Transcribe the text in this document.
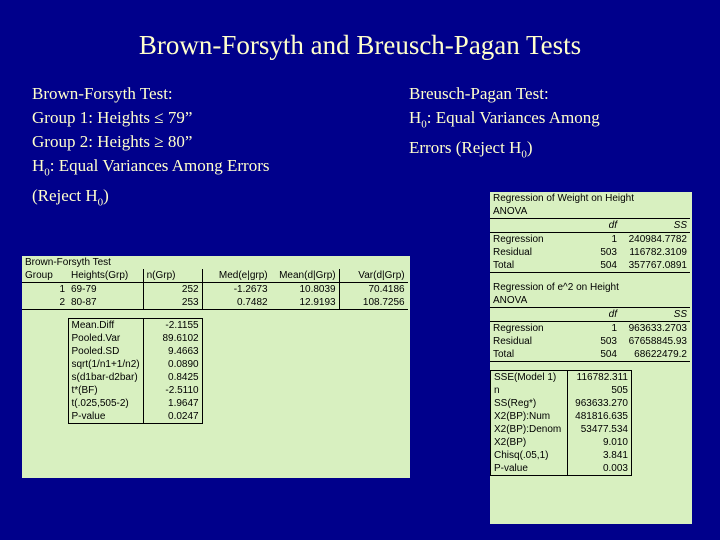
Brown-Forsyth and Breusch-Pagan Tests
Brown-Forsyth Test:
Group 1: Heights ≤ 79”
Group 2: Heights ≥ 80”
$H_0$: Equal Variances Among Errors
(Reject $H_0$)
Breusch-Pagan Test:
$H_0$: Equal Variances Among
Errors (Reject $H_0$)
Brown-Forsyth Test					
Group	Heights(Grp)	n(Grp)	Med(e|grp)	Mean(d|Grp)	Var(d|Grp)
1	69-79	252	-1.2673	10.8039	70.4186
2	80-87	253	0.7482	12.9193	108.7256

	Mean.Diff	-2.1155			
	Pooled.Var	89.6102			
	Pooled.SD	9.4663			
	sqrt(1/n1+1/n2)	0.0890			
	s(d1bar-d2bar)	0.8425			
	t*(BF)	-2.5110			
	t(.025,505-2)	1.9647			
	P-value	0.0247			
Regression of Weight on Height		
ANOVA		
	df	SS
Regression	1	240984.7782
Residual	503	116782.3109
Total	504	357767.0891

Regression of e^2 on Height		
ANOVA		
	df	SS
Regression	1	963633.2703
Residual	503	67658845.93
Total	504	68622479.2

SSE(Model 1)	116782.311
n	505
SS(Reg*)	963633.270
X2(BP):Num	481816.635
X2(BP):Denom	53477.534
X2(BP)	9.010
Chisq(.05,1)	3.841
P-value	0.003
